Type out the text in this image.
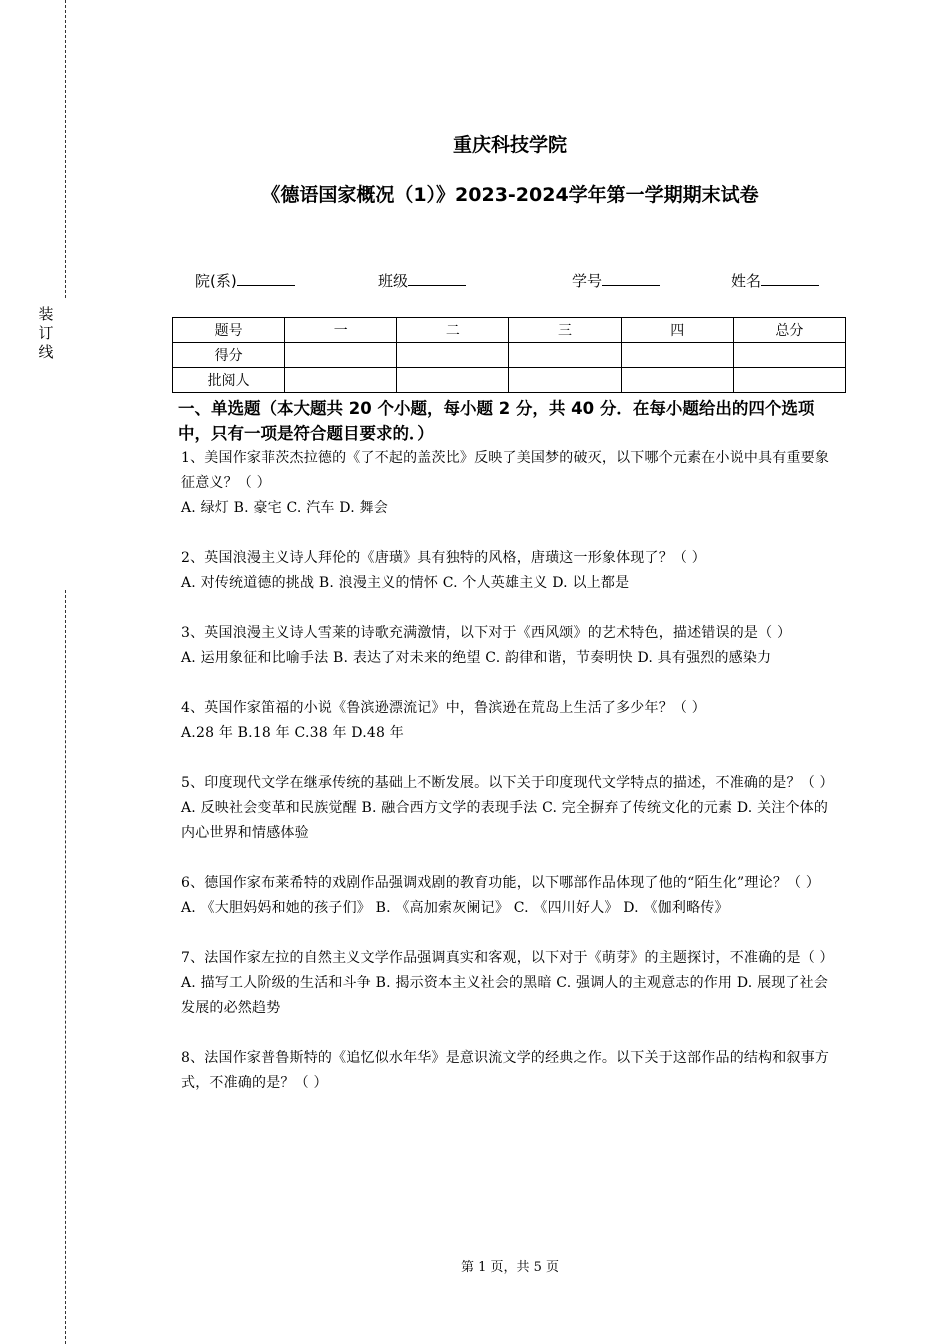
装订线
重庆科技学院
《德语国家概况（1）》2023-2024学年第一学期期末试卷
院(系)	班级	学号	姓名
题号	一	二	三	四	总分
得分					
批阅人					
一、单选题（本大题共 20 个小题，每小题 2 分，共 40 分．在每小题给出的四个选项中，只有一项是符合题目要求的．）

1、美国作家菲茨杰拉德的《了不起的盖茨比》反映了美国梦的破灭，以下哪个元素在小说中具有重要象征意义？（ ）

A. 绿灯 B. 豪宅 C. 汽车 D. 舞会

2、英国浪漫主义诗人拜伦的《唐璜》具有独特的风格，唐璜这一形象体现了？（ ）

A. 对传统道德的挑战 B. 浪漫主义的情怀 C. 个人英雄主义 D. 以上都是

3、英国浪漫主义诗人雪莱的诗歌充满激情，以下对于《西风颂》的艺术特色，描述错误的是（ ）

A. 运用象征和比喻手法 B. 表达了对未来的绝望 C. 韵律和谐，节奏明快 D. 具有强烈的感染力

4、英国作家笛福的小说《鲁滨逊漂流记》中，鲁滨逊在荒岛上生活了多少年？（ ）

A.28 年 B.18 年 C.38 年 D.48 年

5、印度现代文学在继承传统的基础上不断发展。以下关于印度现代文学特点的描述，不准确的是？（ ）

A. 反映社会变革和民族觉醒 B. 融合西方文学的表现手法 C. 完全摒弃了传统文化的元素 D. 关注个体的内心世界和情感体验

6、德国作家布莱希特的戏剧作品强调戏剧的教育功能，以下哪部作品体现了他的“陌生化”理论？（ ）

A. 《大胆妈妈和她的孩子们》 B. 《高加索灰阑记》 C. 《四川好人》 D. 《伽利略传》

7、法国作家左拉的自然主义文学作品强调真实和客观，以下对于《萌芽》的主题探讨，不准确的是（ ）

A. 描写工人阶级的生活和斗争 B. 揭示资本主义社会的黑暗 C. 强调人的主观意志的作用 D. 展现了社会发展的必然趋势

8、法国作家普鲁斯特的《追忆似水年华》是意识流文学的经典之作。以下关于这部作品的结构和叙事方式，不准确的是？（ ）

第 1 页，共 5 页
